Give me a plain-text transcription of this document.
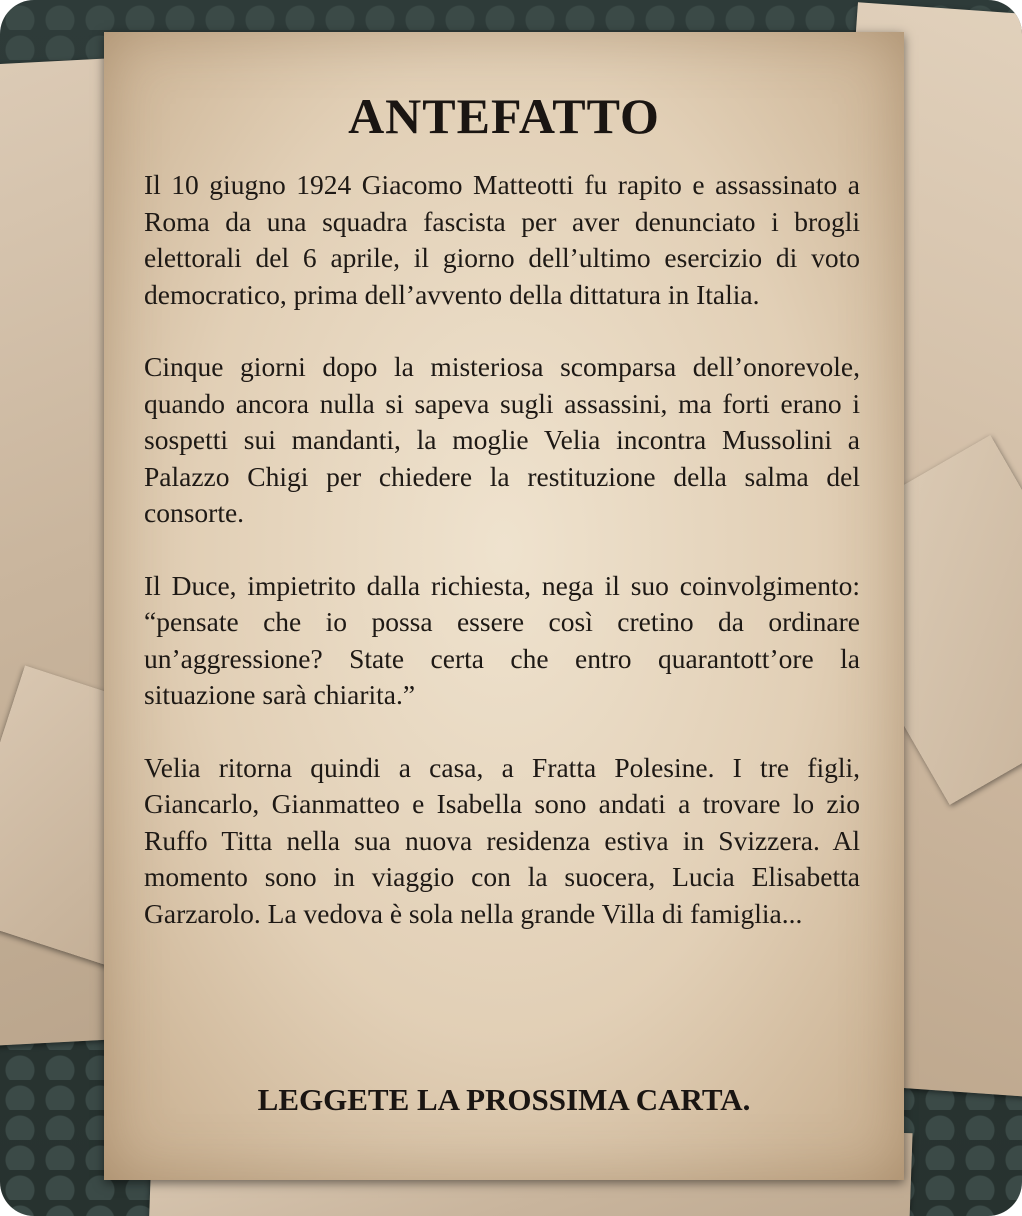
ANTEFATTO

Il 10 giugno 1924 Giacomo Matteotti fu rapito e assassinato a Roma da una squadra fascista per aver denunciato i brogli elettorali del 6 aprile, il giorno dell’ultimo esercizio di voto democratico, prima dell’avvento della dittatura in Italia.

Cinque giorni dopo la misteriosa scomparsa dell’onorevole, quando ancora nulla si sapeva sugli assassini, ma forti erano i sospetti sui mandanti, la moglie Velia incontra Mussolini a Palazzo Chigi per chiedere la restituzione della salma del consorte.

Il Duce, impietrito dalla richiesta, nega il suo coinvolgimento: “pensate che io possa essere così cretino da ordinare un’aggressione? State certa che entro quarantott’ore la situazione sarà chiarita.”

Velia ritorna quindi a casa, a Fratta Polesine. I tre figli, Giancarlo, Gianmatteo e Isabella sono andati a trovare lo zio Ruffo Titta nella sua nuova residenza estiva in Svizzera. Al momento sono in viaggio con la suocera, Lucia Elisabetta Garzarolo. La vedova è sola nella grande Villa di famiglia...

LEGGETE LA PROSSIMA CARTA.
